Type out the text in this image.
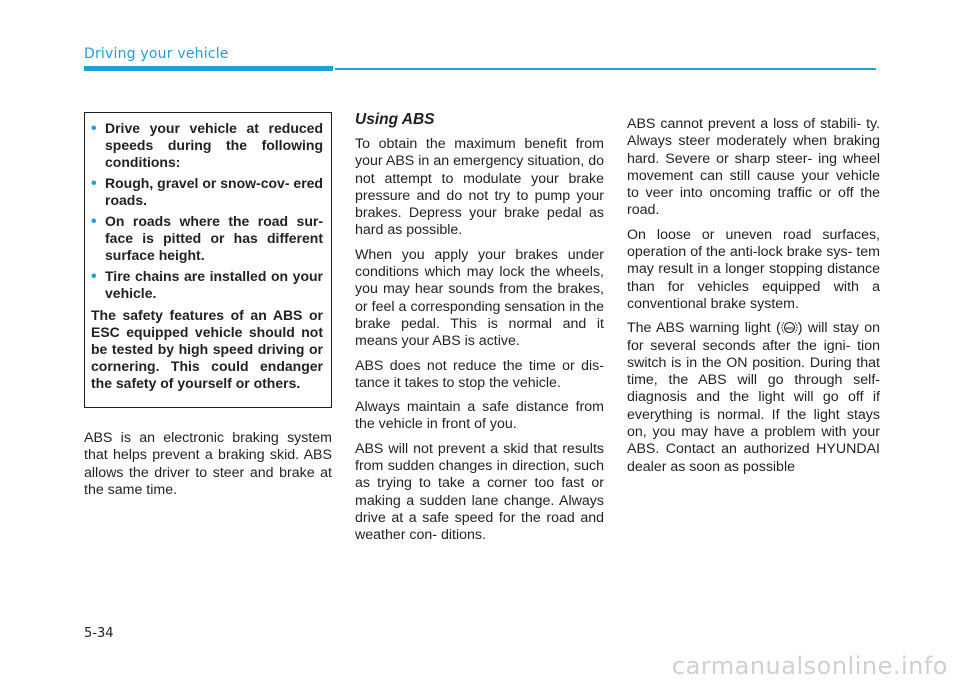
Driving your vehicle
• Drive your vehicle at reduced speeds during the following conditions:
• Rough, gravel or snow-cov- ered roads.
• On roads where the road sur- face is pitted or has different surface height.
• Tire chains are installed on your vehicle.
The safety features of an ABS or ESC equipped vehicle should not be tested by high speed driving or cornering. This could endanger the safety of yourself or others.

ABS is an electronic braking system that helps prevent a braking skid. ABS allows the driver to steer and brake at the same time.

Using ABS

To obtain the maximum benefit from your ABS in an emergency situation, do not attempt to modulate your brake pressure and do not try to pump your brakes. Depress your brake pedal as hard as possible.

When you apply your brakes under conditions which may lock the wheels, you may hear sounds from the brakes, or feel a corresponding sensation in the brake pedal. This is normal and it means your ABS is active.

ABS does not reduce the time or dis- tance it takes to stop the vehicle.

Always maintain a safe distance from the vehicle in front of you.

ABS will not prevent a skid that results from sudden changes in direction, such as trying to take a corner too fast or making a sudden lane change. Always drive at a safe speed for the road and weather con- ditions.

ABS cannot prevent a loss of stabili- ty. Always steer moderately when braking hard. Severe or sharp steer- ing wheel movement can still cause your vehicle to veer into oncoming traffic or off the road.

On loose or uneven road surfaces, operation of the anti-lock brake sys- tem may result in a longer stopping distance than for vehicles equipped with a conventional brake system.

The ABS warning light ( ABS ) will stay on for several seconds after the igni- tion switch is in the ON position. During that time, the ABS will go through self-diagnosis and the light will go off if everything is normal. If the light stays on, you may have a problem with your ABS. Contact an authorized HYUNDAI dealer as soon as possible

5-34
carmanualsonline.info
